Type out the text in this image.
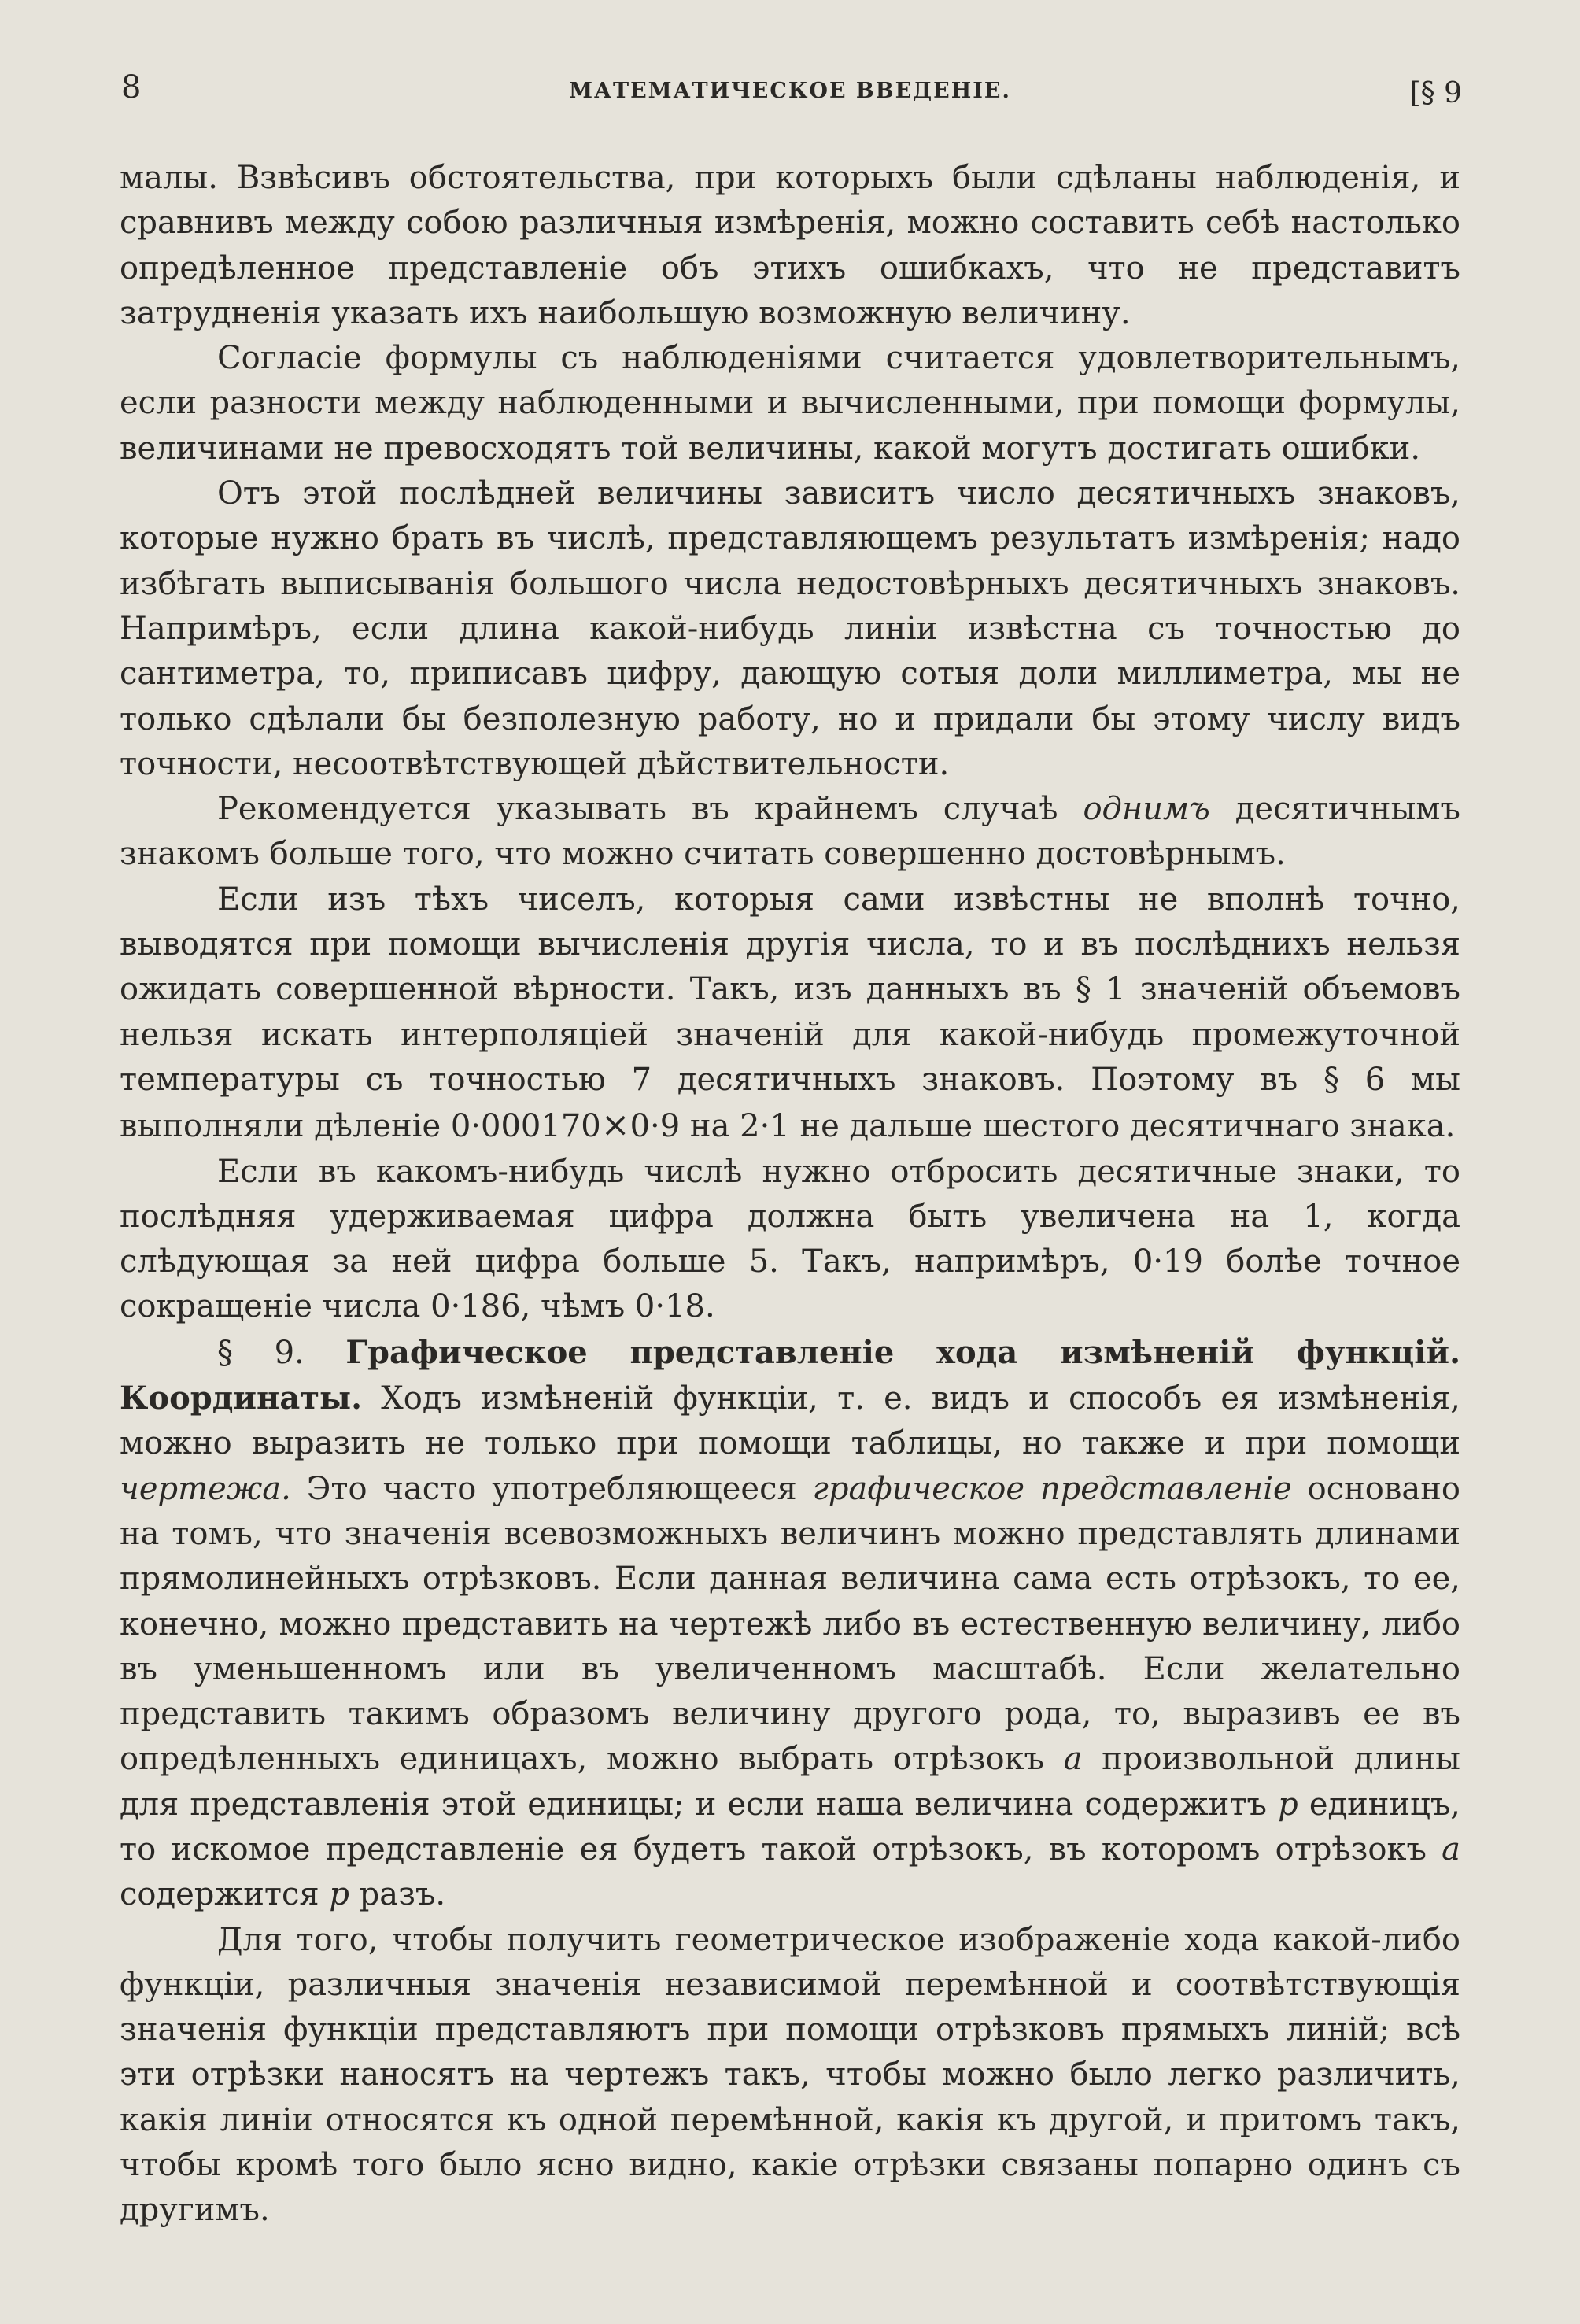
8	МАТЕМАТИЧЕСКОЕ ВВЕДЕНІЕ.	[§ 9

малы. Взвѣсивъ обстоятельства, при которыхъ были сдѣланы наблюденія, и сравнивъ между собою различныя измѣренія, можно составить себѣ настолько опредѣленное представленіе объ этихъ ошибкахъ, что не представитъ затрудненія указать ихъ наибольшую возможную величину.

Согласіе формулы съ наблюденіями считается удовлетворительнымъ, если разности между наблюденными и вычисленными, при помощи формулы, величинами не превосходятъ той величины, какой могутъ достигать ошибки.

Отъ этой послѣдней величины зависитъ число десятичныхъ знаковъ, которые нужно брать въ числѣ, представляющемъ результатъ измѣренія; надо избѣгать выписыванія большого числа недостовѣрныхъ десятичныхъ знаковъ. Напримѣръ, если длина какой-нибудь линіи извѣстна съ точностью до сантиметра, то, приписавъ цифру, дающую сотыя доли миллиметра, мы не только сдѣлали бы безполезную работу, но и придали бы этому числу видъ точности, несоотвѣтствующей дѣйствительности.

Рекомендуется указывать въ крайнемъ случаѣ однимъ десятичнымъ знакомъ больше того, что можно считать совершенно достовѣрнымъ.

Если изъ тѣхъ чиселъ, которыя сами извѣстны не вполнѣ точно, выводятся при помощи вычисленія другія числа, то и въ послѣднихъ нельзя ожидать совершенной вѣрности. Такъ, изъ данныхъ въ § 1 значеній объемовъ нельзя искать интерполяціей значеній для какой-нибудь промежуточной температуры съ точностью 7 десятичныхъ знаковъ. Поэтому въ § 6 мы выполняли дѣленіе 0·000170×0·9 на 2·1 не дальше шестого десятичнаго знака.

Если въ какомъ-нибудь числѣ нужно отбросить десятичные знаки, то послѣдняя удерживаемая цифра должна быть увеличена на 1, когда слѣдующая за ней цифра больше 5. Такъ, напримѣръ, 0·19 болѣе точное сокращеніе числа 0·186, чѣмъ 0·18.

§ 9. Графическое представленіе хода измѣненій функцій. Координаты. Ходъ измѣненій функціи, т. е. видъ и способъ ея измѣненія, можно выразить не только при помощи таблицы, но также и при помощи чертежа. Это часто употребляющееся графическое представленіе основано на томъ, что значенія всевозможныхъ величинъ можно представлять длинами прямолинейныхъ отрѣзковъ. Если данная величина сама есть отрѣзокъ, то ее, конечно, можно представить на чертежѣ либо въ естественную величину, либо въ уменьшенномъ или въ увеличенномъ масштабѣ. Если желательно представить такимъ образомъ величину другого рода, то, выразивъ ее въ опредѣленныхъ единицахъ, можно выбрать отрѣзокъ a произвольной длины для представленія этой единицы; и если наша величина содержитъ p единицъ, то искомое представленіе ея будетъ такой отрѣзокъ, въ которомъ отрѣзокъ a содержится p разъ.

Для того, чтобы получить геометрическое изображеніе хода какой-либо функціи, различныя значенія независимой перемѣнной и соотвѣтствующія значенія функціи представляютъ при помощи отрѣзковъ прямыхъ линій; всѣ эти отрѣзки наносятъ на чертежъ такъ, чтобы можно было легко различить, какія линіи относятся къ одной перемѣнной, какія къ другой, и притомъ такъ, чтобы кромѣ того было ясно видно, какіе отрѣзки связаны попарно одинъ съ другимъ.
